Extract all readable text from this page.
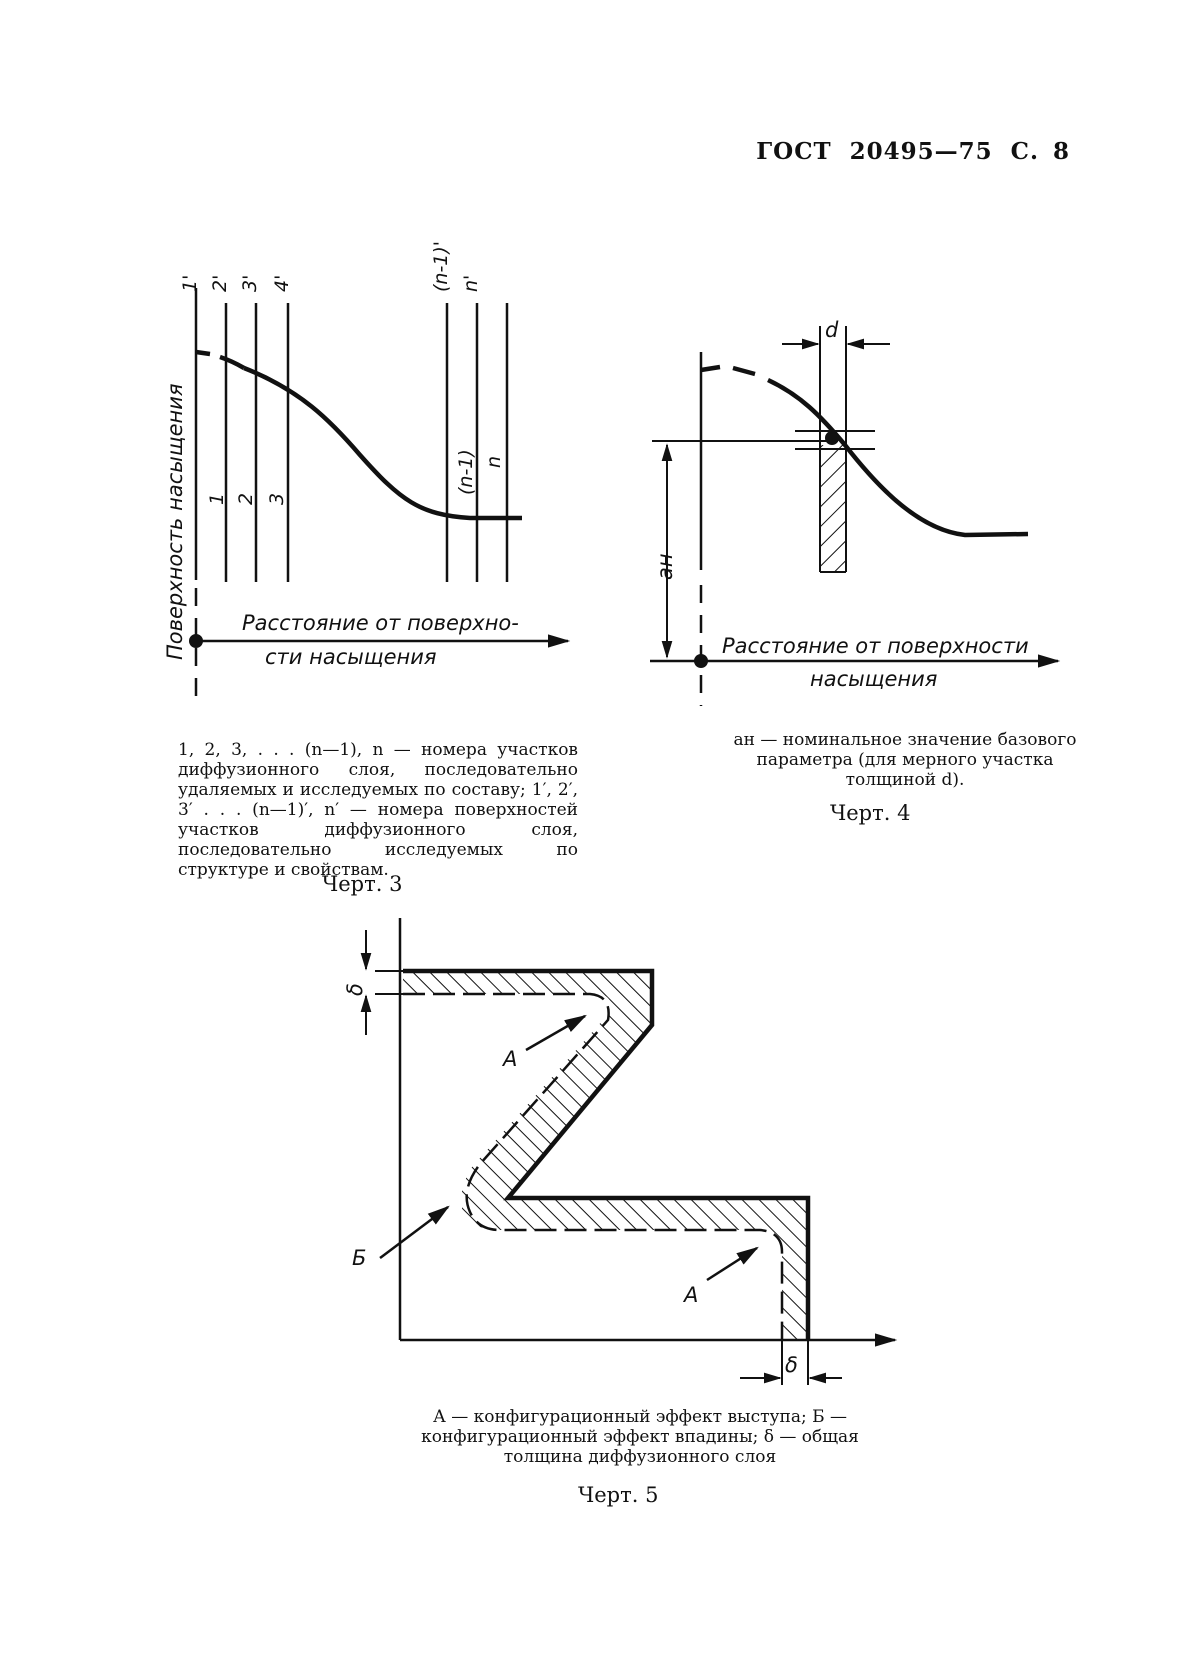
ГОСТ 20495—75 С. 8
1' 2' 3' 4'	(n-1)' n'
1 2 3
(n-1) n
Поверхность насыщения	Расстояние от поверхно-
сти насыщения
d
aн
Расстояние от поверхности
насыщения
δ
δ
А
А
Б
1, 2, 3, . . . (n—1), n — номера участков диффузионного слоя, последовательно удаляемых и исследуемых по составу; 1′, 2′, 3′ . . . (n—1)′, n′ — номера поверхностей участков диффузионного слоя, последовательно исследуемых по структуре и свойствам.
Черт. 3
aн — номинальное значение базового параметра (для мерного участка толщиной d).
Черт. 4
А — конфигурационный эффект выступа; Б — конфигурационный эффект впадины; δ — общая толщина диффузионного слоя
Черт. 5
